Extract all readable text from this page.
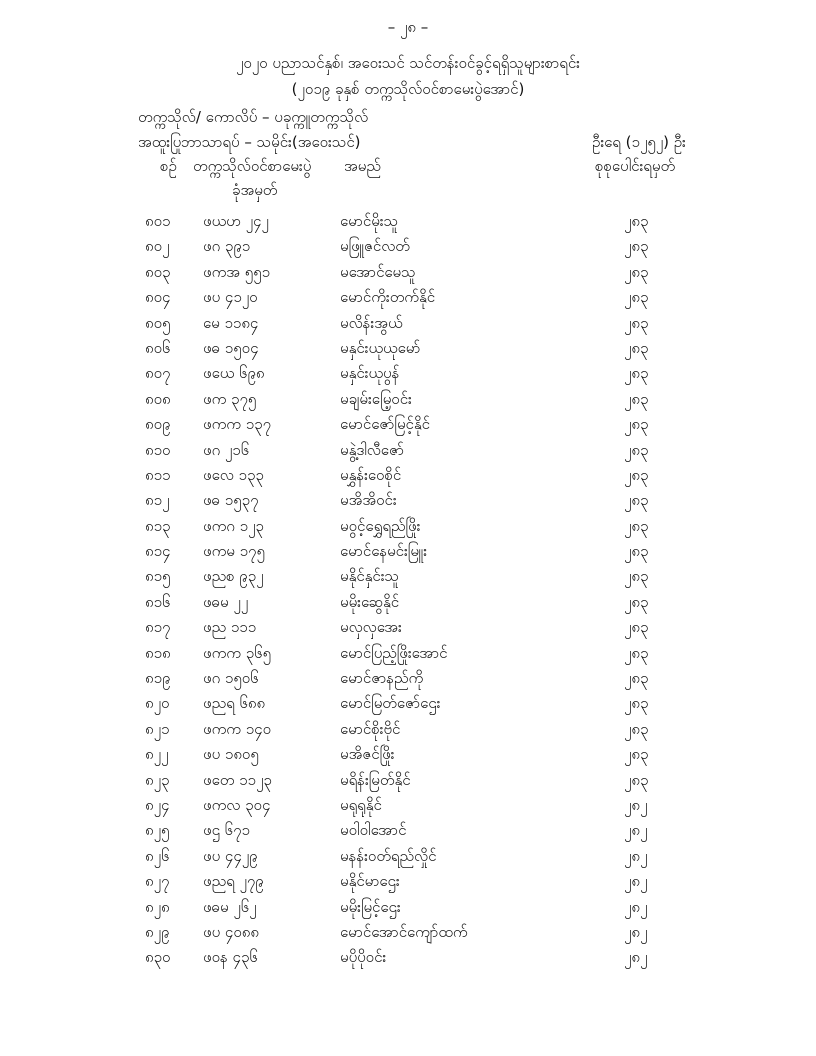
– ၂၈ –
၂၀၂၀ ပညာသင်နှစ်၊ အဝေးသင် သင်တန်းဝင်ခွင့်ရရှိသူများစာရင်း
(၂၀၁၉ ခုနှစ် တက္ကသိုလ်ဝင်စာမေးပွဲအောင်)
တက္ကသိုလ်/ ကောလိပ် – ပခုက္ကူတက္ကသိုလ်
အထူးပြုဘာသာရပ် – သမိုင်း(အဝေးသင်)	ဦးရေ (၁၂၅၂) ဦး
စဉ် တက္ကသိုလ်ဝင်စာမေးပွဲ
ခုံအမှတ်
အမည်	စုစုပေါင်းရမှတ်
၈၀၁ ဖယဟ ၂၄၂	မောင်မိုးသူ	၂၈၃
၈၀၂ ဖဂ ၃၉၁	မဖြူဇင်လတ်	၂၈၃
၈၀၃ ဖကအ ၅၅၁	မအောင်မေသူ	၂၈၃
၈၀၄ ဖပ ၄၁၂၀	မောင်ကိုးတက်နိုင်	၂၈၃
၈၀၅ မေ ၁၁၈၄	မလိန်းအွယ်	၂၈၃
၈၀၆ ဖဓ ၁၅၀၄	မနှင်းယုယုမော်	၂၈၃
၈၀၇ ဖယေ ၆၉၈	မနှင်းယုပွန်	၂၈၃
၈၀၈ ဖက ၃၇၅	မချမ်းမြေ့ဝင်း	၂၈၃
၈၀၉ ဖကက ၁၃၇	မောင်ဇော်မြင့်နိုင်	၂၈၃
၈၁၀ ဖဂ ၂၁၆	မနွဲ့ဒါလီဇော်	၂၈၃
၈၁၁ ဖလေ ၁၃၃	မနွှန်းဝေစိုင်	၂၈၃
၈၁၂ ဖဓ ၁၅၃၇	မအိအိဝင်း	၂၈၃
၈၁၃ ဖကဂ ၁၂၃	မဝွင့်ရွှေရည်ဖြိုး	၂၈၃
၈၁၄ ဖကမ ၁၇၅	မောင်နေမင်းမြူး	၂၈၃
၈၁၅ ဖညစ ၉၃၂	မနိုင်နှင်းသူ	၂၈၃
၈၁၆ ဖဓမ ၂၂	မမိုးဆွေနိုင်	၂၈၃
၈၁၇ ဖည ၁၁၁	မလှလှအေး	၂၈၃
၈၁၈ ဖကက ၃၆၅	မောင်ပြည့်ဖြိုးအောင်	၂၈၃
၈၁၉ ဖဂ ၁၅၀၆	မောင်ဇာနည်ကို	၂၈၃
၈၂၀ ဖညရ ၆၈၈	မောင်မြတ်ဇော်ဌေး	၂၈၃
၈၂၁ ဖကက ၁၄၀	မောင်စိုးဗိုင်	၂၈၃
၈၂၂ ဖပ ၁၈၀၅	မအိဇင်ဖြိုး	၂၈၃
၈၂၃ ဖတေ ၁၁၂၃	မရိန်းမြတ်နိုင်	၂၈၃
၈၂၄ ဖကလ ၃၀၄	မရုရုနိုင်	၂၈၂
၈၂၅ ဖဌ ၆၇၁	မဝါဝါအောင်	၂၈၂
၈၂၆ ဖပ ၄၄၂၉	မနန်းဝတ်ရည်လှိုင်	၂၈၂
၈၂၇ ဖညရ ၂၇၉	မနိုင်မာဌေး	၂၈၂
၈၂၈ ဖဓမ ၂၆၂	မမိုးမြင့်ဌေး	၂၈၂
၈၂၉ ဖပ ၄၀၈၈	မောင်အောင်ကျော်ထက်	၂၈၂
၈၃၀ ဖဝန ၄၃၆	မပိုပိုဝင်း	၂၈၂
